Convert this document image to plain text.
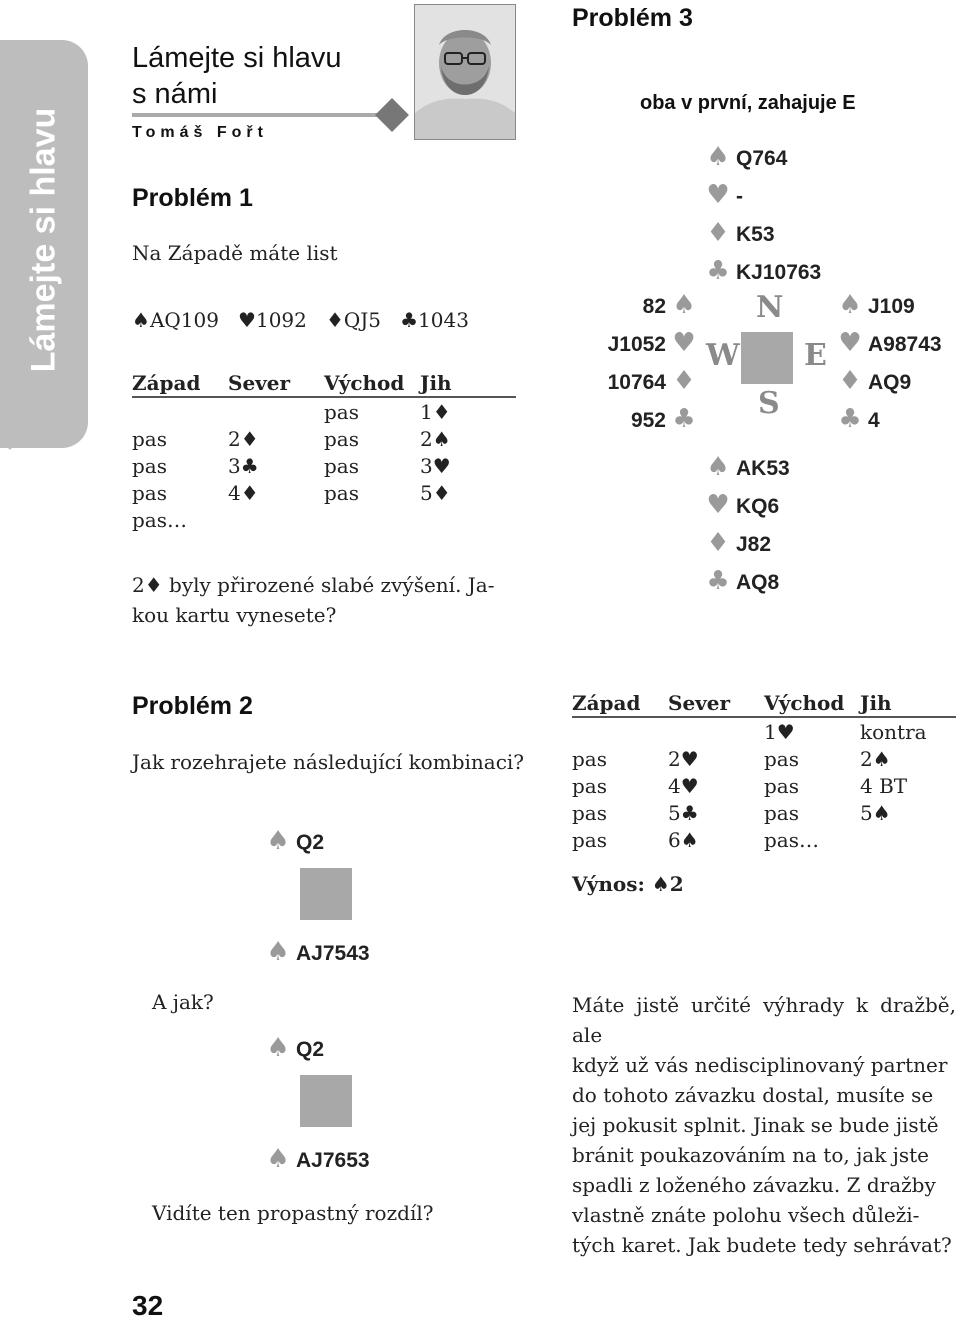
Lámejte si hlavu
Lámejte si hlavu
s námi
Tomáš Fořt
Problém 1
Na Západě máte list
♠AQ109 ♥1092 ♦QJ5 ♣1043
Západ	Sever	Východ	Jih
		pas	1♦
pas	2♦	pas	2♠
pas	3♣	pas	3♥
pas	4♦	pas	5♦
pas…			
2♦ byly přirozené slabé zvýšení. Ja-
kou kartu vynesete?
Problém 3
oba v první, zahajuje E
♠ Q764
♥ -
♦ K53
♣ KJ10763
82 ♠
J1052 ♥
10764 ♦
952 ♣
N
W E
S
♠ J109
♥ A98743
♦ AQ9
♣ 4
♠ AK53
♥ KQ6
♦ J82
♣ AQ8
Západ	Sever	Východ	Jih
		1♥	kontra
pas	2♥	pas	2♠
pas	4♥	pas	4 BT
pas	5♣	pas	5♠
pas	6♠	pas…	
Výnos: ♠2
Máte jistě určité výhrady k dražbě, ale
když už vás nedisciplinovaný partner
do tohoto závazku dostal, musíte se
jej pokusit splnit. Jinak se bude jistě
bránit poukazováním na to, jak jste
spadli z loženého závazku. Z dražby
vlastně znáte polohu všech důleži-
tých karet. Jak budete tedy sehrávat?
Problém 2
Jak rozehrajete následující kombinaci?
♠ Q2
♠ AJ7543
A jak?
♠ Q2
♠ AJ7653
Vidíte ten propastný rozdíl?
32
